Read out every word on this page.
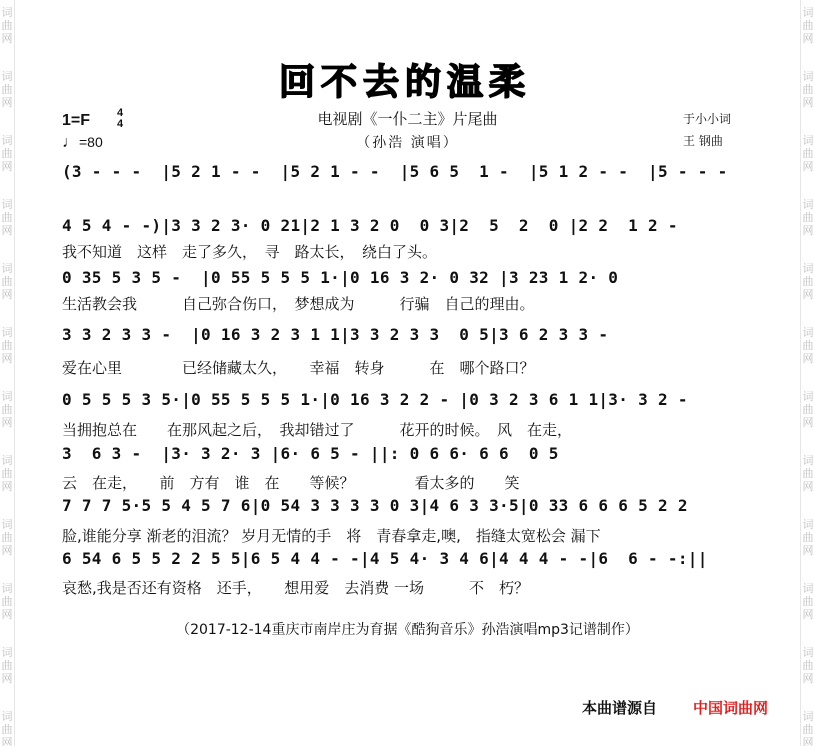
词
曲
网
词
曲
网
词
曲
网
词
曲
网
词
曲
网
词
曲
网
词
曲
网
词
曲
网
词
曲
网
词
曲
网
词
曲
网
词
曲
网
词
曲
网
词
曲
网
词
曲
网
词
曲
网
词
曲
网
词
曲
网
词
曲
网
词
曲
网
词
曲
网
词
曲
网
词
曲
网
词
曲
网
回不去的温柔
1=F 4
4
♩=80
电视剧《一仆二主》片尾曲
（孙浩 演唱）
于小小词
王 钢曲
(3 - - -  |5 2 1 - -  |5 2 1 - -  |5 6 5  1 -  |5 1 2 - -  |5 - - -
4 5 4 - -)|3 3 2 3· 0 21|2 1 3 2 0  0 3|2  5  2  0 |2 2  1 2 -
我不知道　这样　走了多久，　寻　路太长，　绕白了头。
0 35 5 3 5 -  |0 55 5 5 5 1·|0 16 3 2· 0 32 |3 23 1 2· 0
生活教会我　　　自己弥合伤口，　梦想成为　　　行骗　自己的理由。
3 3 2 3 3 -  |0 16 3 2 3 1 1|3 3 2 3 3  0 5|3 6 2 3 3 -
爱在心里　　　　已经储藏太久，　　幸福　转身　　　在　哪个路口？
0 5 5 5 3 5·|0 55 5 5 5 1·|0 16 3 2 2 - |0 3 2 3 6 1 1|3· 3 2 -
当拥抱总在　　在那风起之后，　我却错过了　　　花开的时候。　风　在走，
3  6 3 -  |3· 3 2· 3 |6· 6 5 - ||: 0 6 6· 6 6  0 5
云　在走，　　前　方有　谁　在　　等候？　　　　看太多的　　笑
7 7 7 5·5 5 4 5 7 6|0 54 3 3 3 3 0 3|4 6 3 3·5|0 33 6 6 6 5 2 2
脸,谁能分享 渐老的泪流？ 岁月无情的手　将　青春拿走,噢,　指缝太宽松会 漏下
6 54 6 5 5 2 2 5 5|6 5 4 4 - -|4 5 4· 3 4 6|4 4 4 - -|6  6 - -:||
哀愁,我是否还有资格　还手，　　想用爱　去消费 一场　　　不　朽？
（2017-12-14重庆市南岸庄为育据《酷狗音乐》孙浩演唱mp3记谱制作）
本曲谱源自 中国词曲网
